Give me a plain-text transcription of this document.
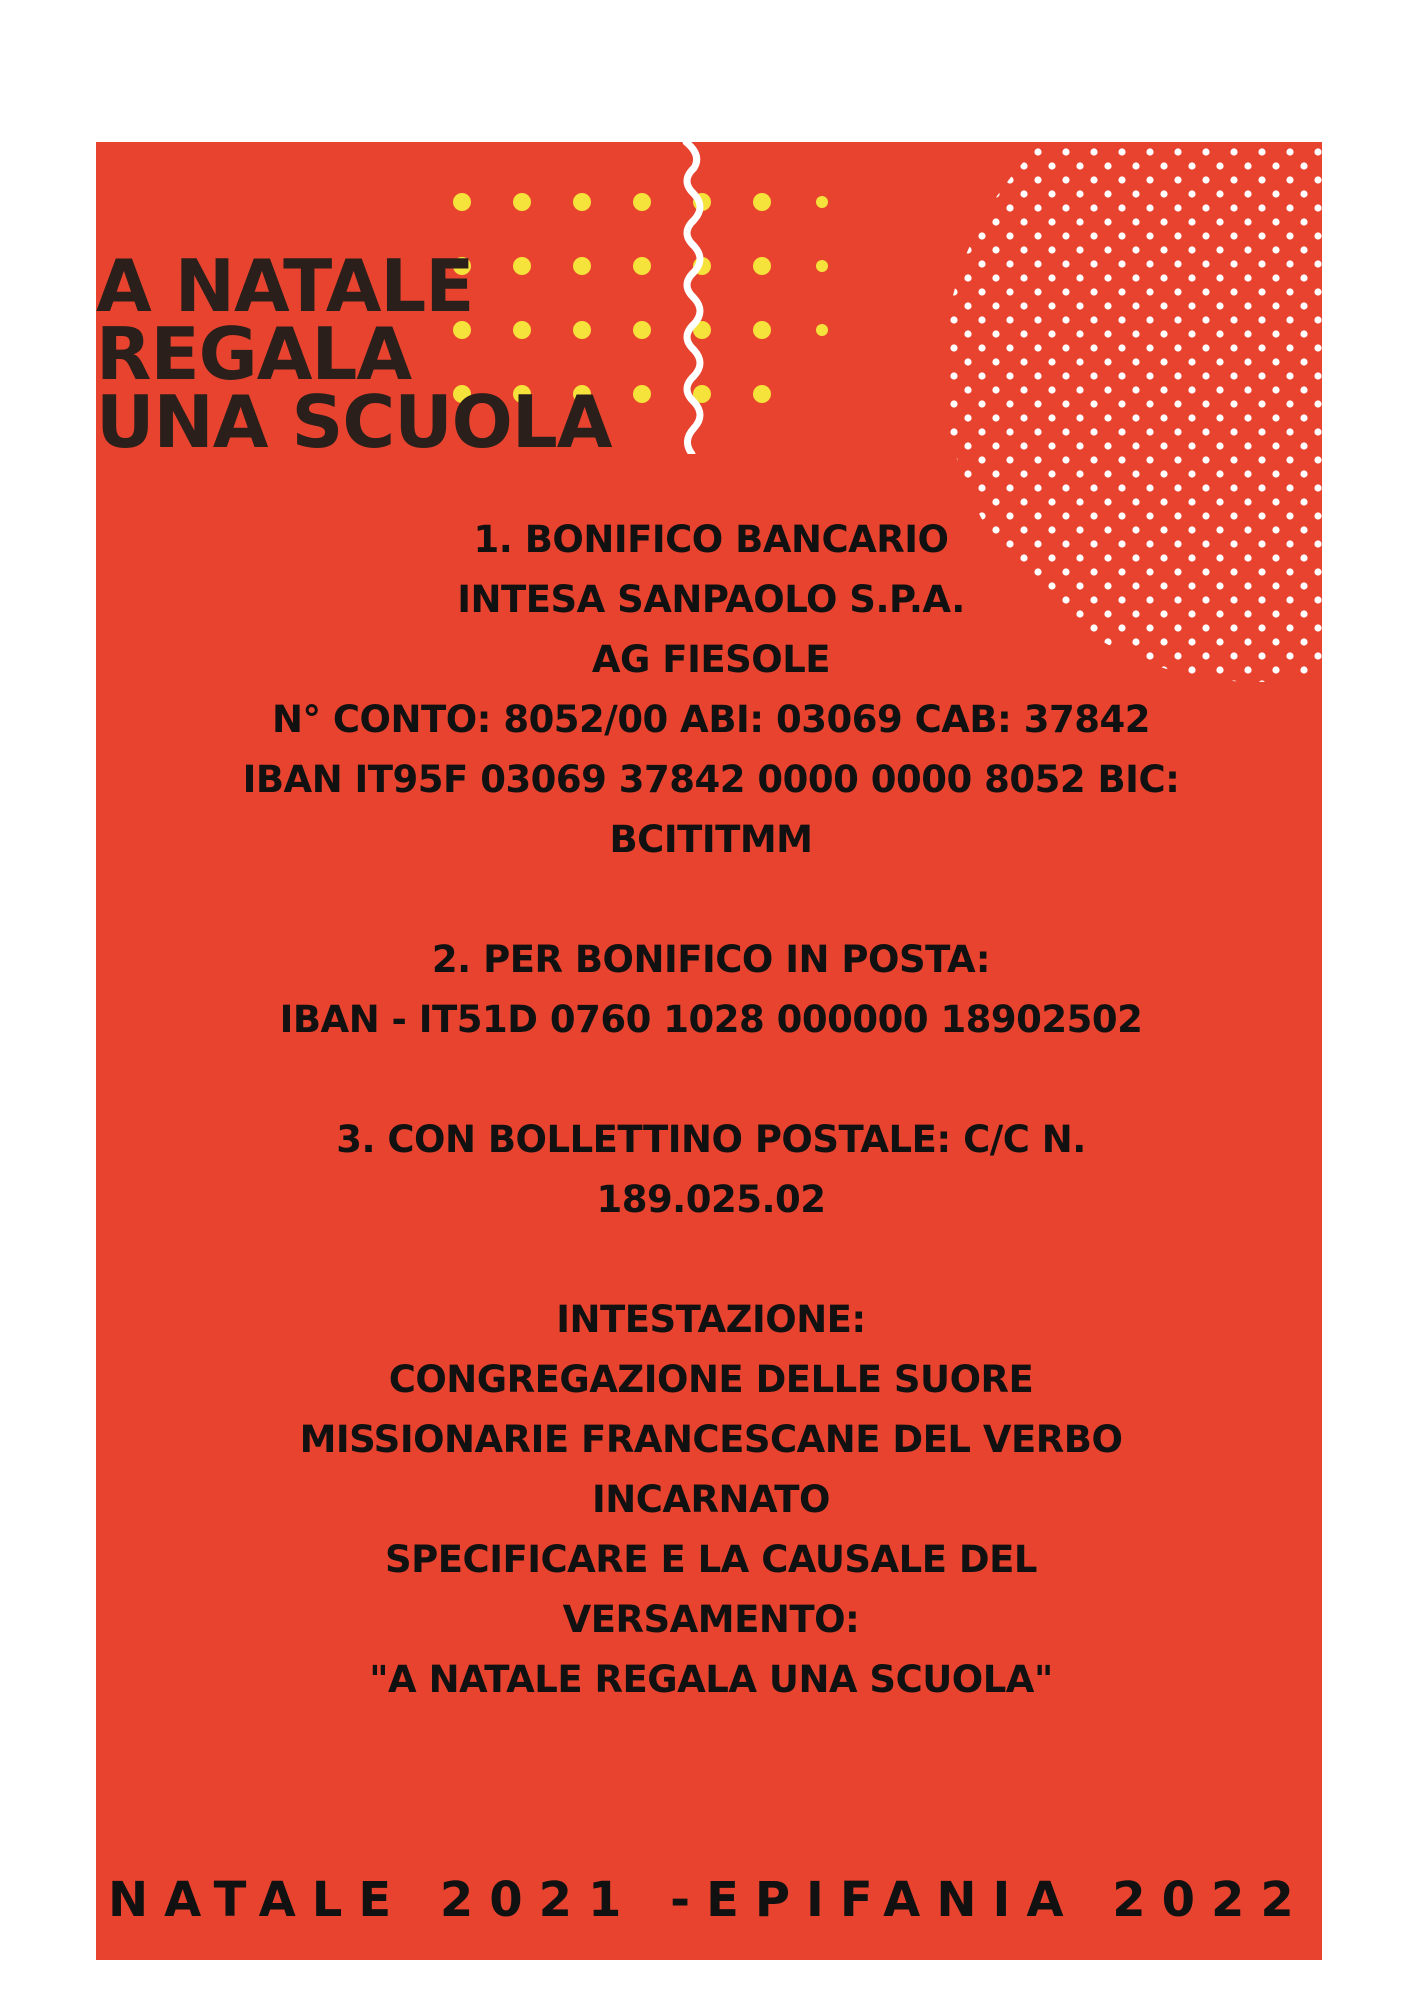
A NATALE
REGALA
UNA SCUOLA
1. BONIFICO BANCARIO
INTESA SANPAOLO S.P.A.
AG FIESOLE
N° CONTO: 8052/00 ABI: 03069 CAB: 37842
IBAN IT95F 03069 37842 0000 0000 8052 BIC:
BCITITMM
2. PER BONIFICO IN POSTA:
IBAN - IT51D 0760 1028 000000 18902502
3. CON BOLLETTINO POSTALE: C/C N.
189.025.02
INTESTAZIONE:
CONGREGAZIONE DELLE SUORE
MISSIONARIE FRANCESCANE DEL VERBO
INCARNATO
SPECIFICARE E LA CAUSALE DEL
VERSAMENTO:
"A NATALE REGALA UNA SCUOLA"

NATALE 2021 -EPIFANIA 2022
